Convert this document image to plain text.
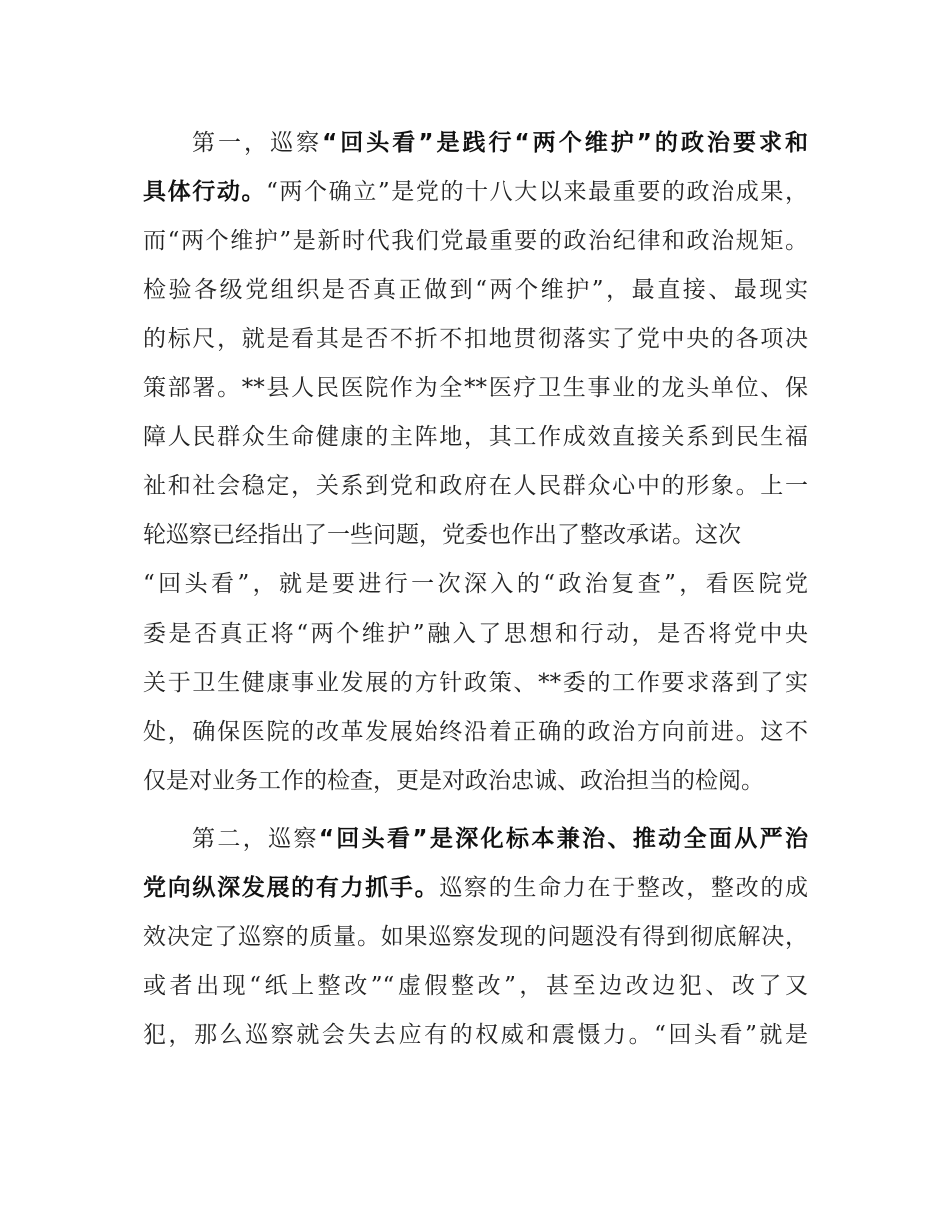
第一，巡察“回头看”是践行“两个维护”的政治要求和
具体行动。“两个确立”是党的十八大以来最重要的政治成果，
而“两个维护”是新时代我们党最重要的政治纪律和政治规矩。
检验各级党组织是否真正做到“两个维护”，最直接、最现实
的标尺，就是看其是否不折不扣地贯彻落实了党中央的各项决
策部署。**县人民医院作为全**医疗卫生事业的龙头单位、保
障人民群众生命健康的主阵地，其工作成效直接关系到民生福
祉和社会稳定，关系到党和政府在人民群众心中的形象。上一
轮巡察已经指出了一些问题，党委也作出了整改承诺。这次
“回头看”，就是要进行一次深入的“政治复查”，看医院党
委是否真正将“两个维护”融入了思想和行动，是否将党中央
关于卫生健康事业发展的方针政策、**委的工作要求落到了实
处，确保医院的改革发展始终沿着正确的政治方向前进。这不
仅是对业务工作的检查，更是对政治忠诚、政治担当的检阅。
第二，巡察“回头看”是深化标本兼治、推动全面从严治
党向纵深发展的有力抓手。巡察的生命力在于整改，整改的成
效决定了巡察的质量。如果巡察发现的问题没有得到彻底解决，
或者出现“纸上整改”“虚假整改”，甚至边改边犯、改了又
犯，那么巡察就会失去应有的权威和震慑力。“回头看”就是
